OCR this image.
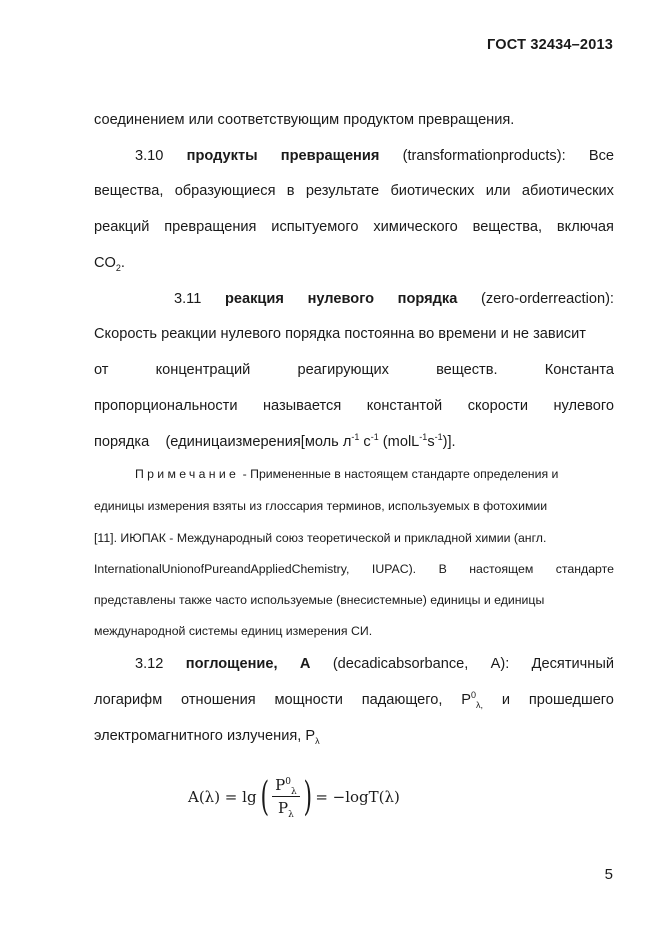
ГОСТ 32434–2013
соединением или соответствующим продуктом превращения.
3.10 продукты превращения (transformationproducts): Все
вещества, образующиеся в результате биотических или абиотических
реакций превращения испытуемого химического вещества, включая
$CO_2$.
3.11 реакция нулевого порядка (zero-orderreaction):
Скорость реакции нулевого порядка постоянна во времени и не зависит
от	концентраций	реагирующих	веществ.	Константа
пропорциональности называется константой скорости нулевого
порядка (единицаизмерения[моль $л^{-1}$ $с^{-1}$ $(molL^{-1}s^{-1})$].
Примечание - Примененные в настоящем стандарте определения и
единицы измерения взяты из глоссария терминов, используемых в фотохимии
[11]. ИЮПАК - Международный союз теоретической и прикладной химии (англ.
InternationalUnionofPureandAppliedChemistry, IUPAC). В настоящем стандарте
представлены также часто используемые (внесистемные) единицы и единицы
международной системы единиц измерения СИ.
3.12 поглощение, A (decadicabsorbance, A): Десятичный
логарифм отношения мощности падающего, $P^0_{\lambda,}$ и прошедшего
электромагнитного излучения, $P_\lambda$
A(λ) = lg ( $\frac{P^0_\lambda}{P_\lambda}$ ) = −logT(λ)
5
